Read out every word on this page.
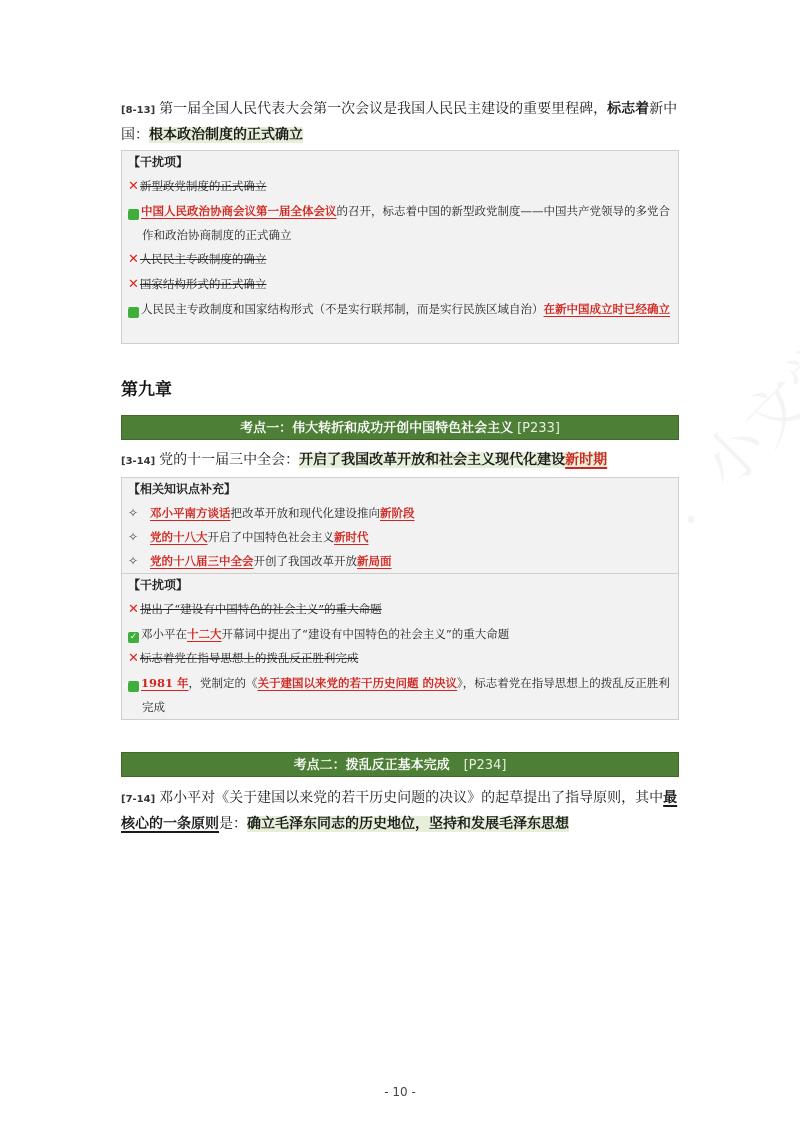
[8-13] 第一届全国人民代表大会第一次会议是我国人民民主建设的重要里程碑，标志着新中国：根本政治制度的正式确立
【干扰项】
✕新型政党制度的正式确立
✓ 中国人民政治协商会议第一届全体会议的召开，标志着中国的新型政党制度——中国共产党领导的多党合作和政治协商制度的正式确立
✕人民民主专政制度的确立
✕国家结构形式的正式确立
✓ 人民民主专政制度和国家结构形式（不是实行联邦制，而是实行民族区域自治）在新中国成立时已经确立
第九章
考点一：伟大转折和成功开创中国特色社会主义 [P233]
[3-14] 党的十一届三中全会：开启了我国改革开放和社会主义现代化建设新时期
【相关知识点补充】
✧ 邓小平南方谈话把改革开放和现代化建设推向新阶段
✧ 党的十八大开启了中国特色社会主义新时代
✧ 党的十八届三中全会开创了我国改革开放新局面
【干扰项】
✕提出了“建设有中国特色的社会主义”的重大命题
✓ 邓小平在十二大开幕词中提出了“建设有中国特色的社会主义”的重大命题
✕标志着党在指导思想上的拨乱反正胜利完成
✓ 1981 年，党制定的《关于建国以来党的若干历史问题 的决议》，标志着党在指导思想上的拨乱反正胜利完成
考点二：拨乱反正基本完成 [P234]
[7-14] 邓小平对《关于建国以来党的若干历史问题的决议》的起草提出了指导原则，其中最核心的一条原则是：确立毛泽东同志的历史地位，坚持和发展毛泽东思想
- 10 -
